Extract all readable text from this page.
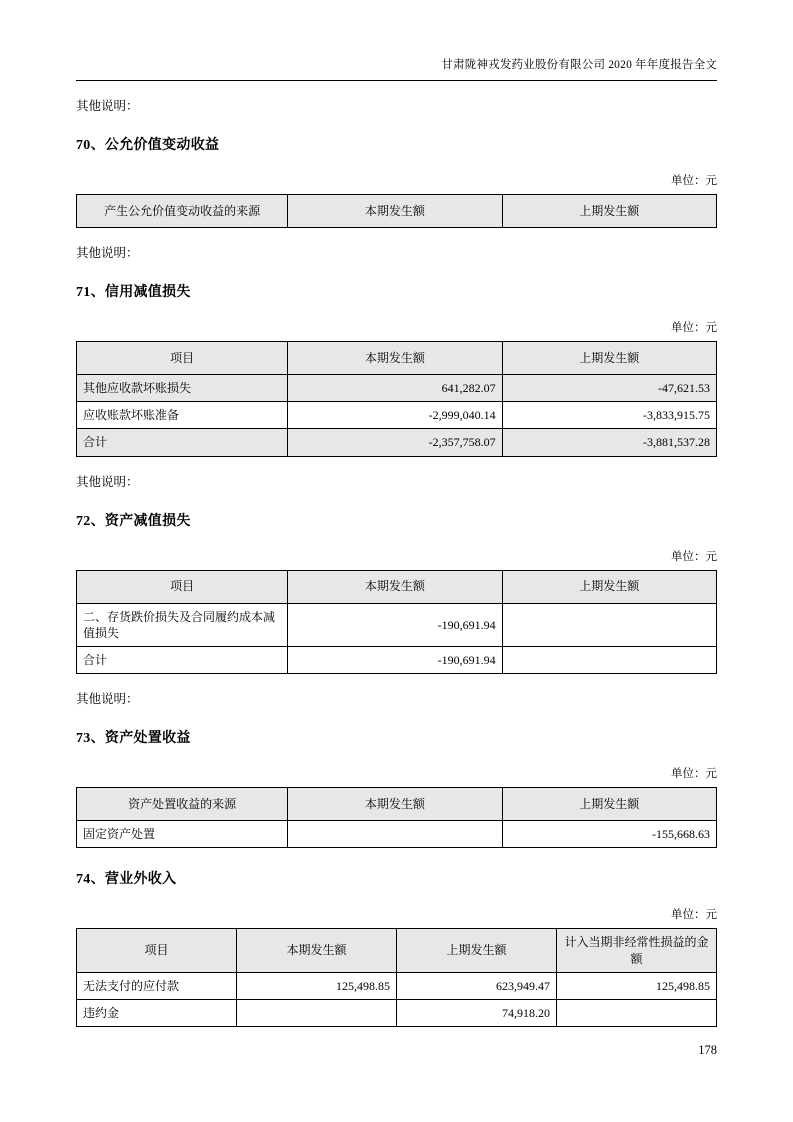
甘肃陇神戎发药业股份有限公司 2020 年年度报告全文
其他说明：
70、公允价值变动收益
单位：元
产生公允价值变动收益的来源	本期发生额	上期发生额
其他说明：
71、信用减值损失
单位：元
项目	本期发生额	上期发生额
其他应收款坏账损失	641,282.07	-47,621.53
应收账款坏账准备	-2,999,040.14	-3,833,915.75
合计	-2,357,758.07	-3,881,537.28
其他说明：
72、资产减值损失
单位：元
项目	本期发生额	上期发生额
二、存货跌价损失及合同履约成本减值损失	-190,691.94	
合计	-190,691.94	
其他说明：
73、资产处置收益
单位：元
资产处置收益的来源	本期发生额	上期发生额
固定资产处置		-155,668.63
74、营业外收入
单位：元
项目	本期发生额	上期发生额	计入当期非经常性损益的金额
无法支付的应付款	125,498.85	623,949.47	125,498.85
违约金		74,918.20	
178
